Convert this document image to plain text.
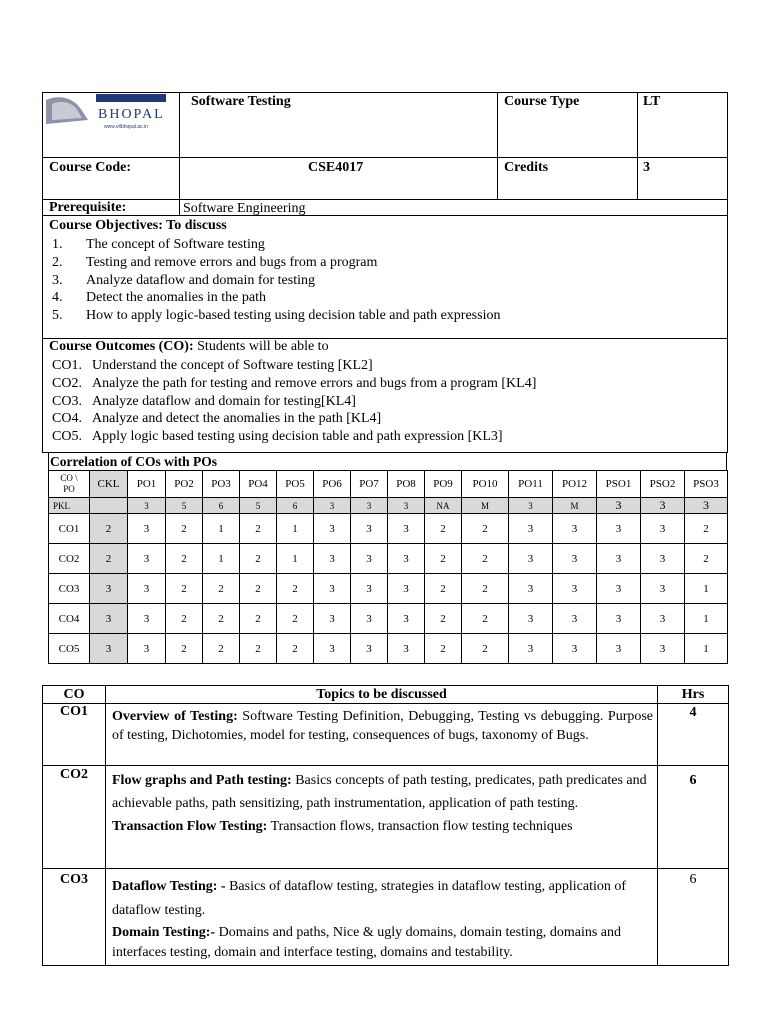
BHOPAL
www.vitbhopal.ac.in
Software Testing	Course Type	LT
Course Code:	CSE4017	Credits	3
Prerequisite:	Software Engineering
Course Objectives: To discuss
1. The concept of Software testing
2. Testing and remove errors and bugs from a program
3. Analyze dataflow and domain for testing
4. Detect the anomalies in the path
5. How to apply logic-based testing using decision table and path expression
Course Outcomes (CO): Students will be able to
CO1. Understand the concept of Software testing [KL2]
CO2. Analyze the path for testing and remove errors and bugs from a program [KL4]
CO3. Analyze dataflow and domain for testing[KL4]
CO4. Analyze and detect the anomalies in the path [KL4]
CO5. Apply logic based testing using decision table and path expression [KL3]
Correlation of COs with POs
CO \
PO	CKL	PO1	PO2	PO3	PO4	PO5	PO6	PO7	PO8	PO9	PO10	PO11	PO12	PSO1	PSO2	PSO3
PKL		3	5	6	5	6	3	3	3	NA	M	3	M	3	3	3
CO1	2	3	2	1	2	1	3	3	3	2	2	3	3	3	3	2
CO2	2	3	2	1	2	1	3	3	3	2	2	3	3	3	3	2
CO3	3	3	2	2	2	2	3	3	3	2	2	3	3	3	3	1
CO4	3	3	2	2	2	2	3	3	3	2	2	3	3	3	3	1
CO5	3	3	2	2	2	2	3	3	3	2	2	3	3	3	3	1
CO	Topics to be discussed	Hrs
CO1	Overview of Testing: Software Testing Definition, Debugging, Testing vs debugging. Purpose of testing, Dichotomies, model for testing, consequences of bugs, taxonomy of Bugs.	4
CO2	Flow graphs and Path testing: Basics concepts of path testing, predicates, path predicates and achievable paths, path sensitizing, path instrumentation, application of path testing.
Transaction Flow Testing: Transaction flows, transaction flow testing techniques	6
CO3	Dataflow Testing: - Basics of dataflow testing, strategies in dataflow testing, application of dataflow testing.
Domain Testing:- Domains and paths, Nice & ugly domains, domain testing, domains and interfaces testing, domain and interface testing, domains and testability.	6
